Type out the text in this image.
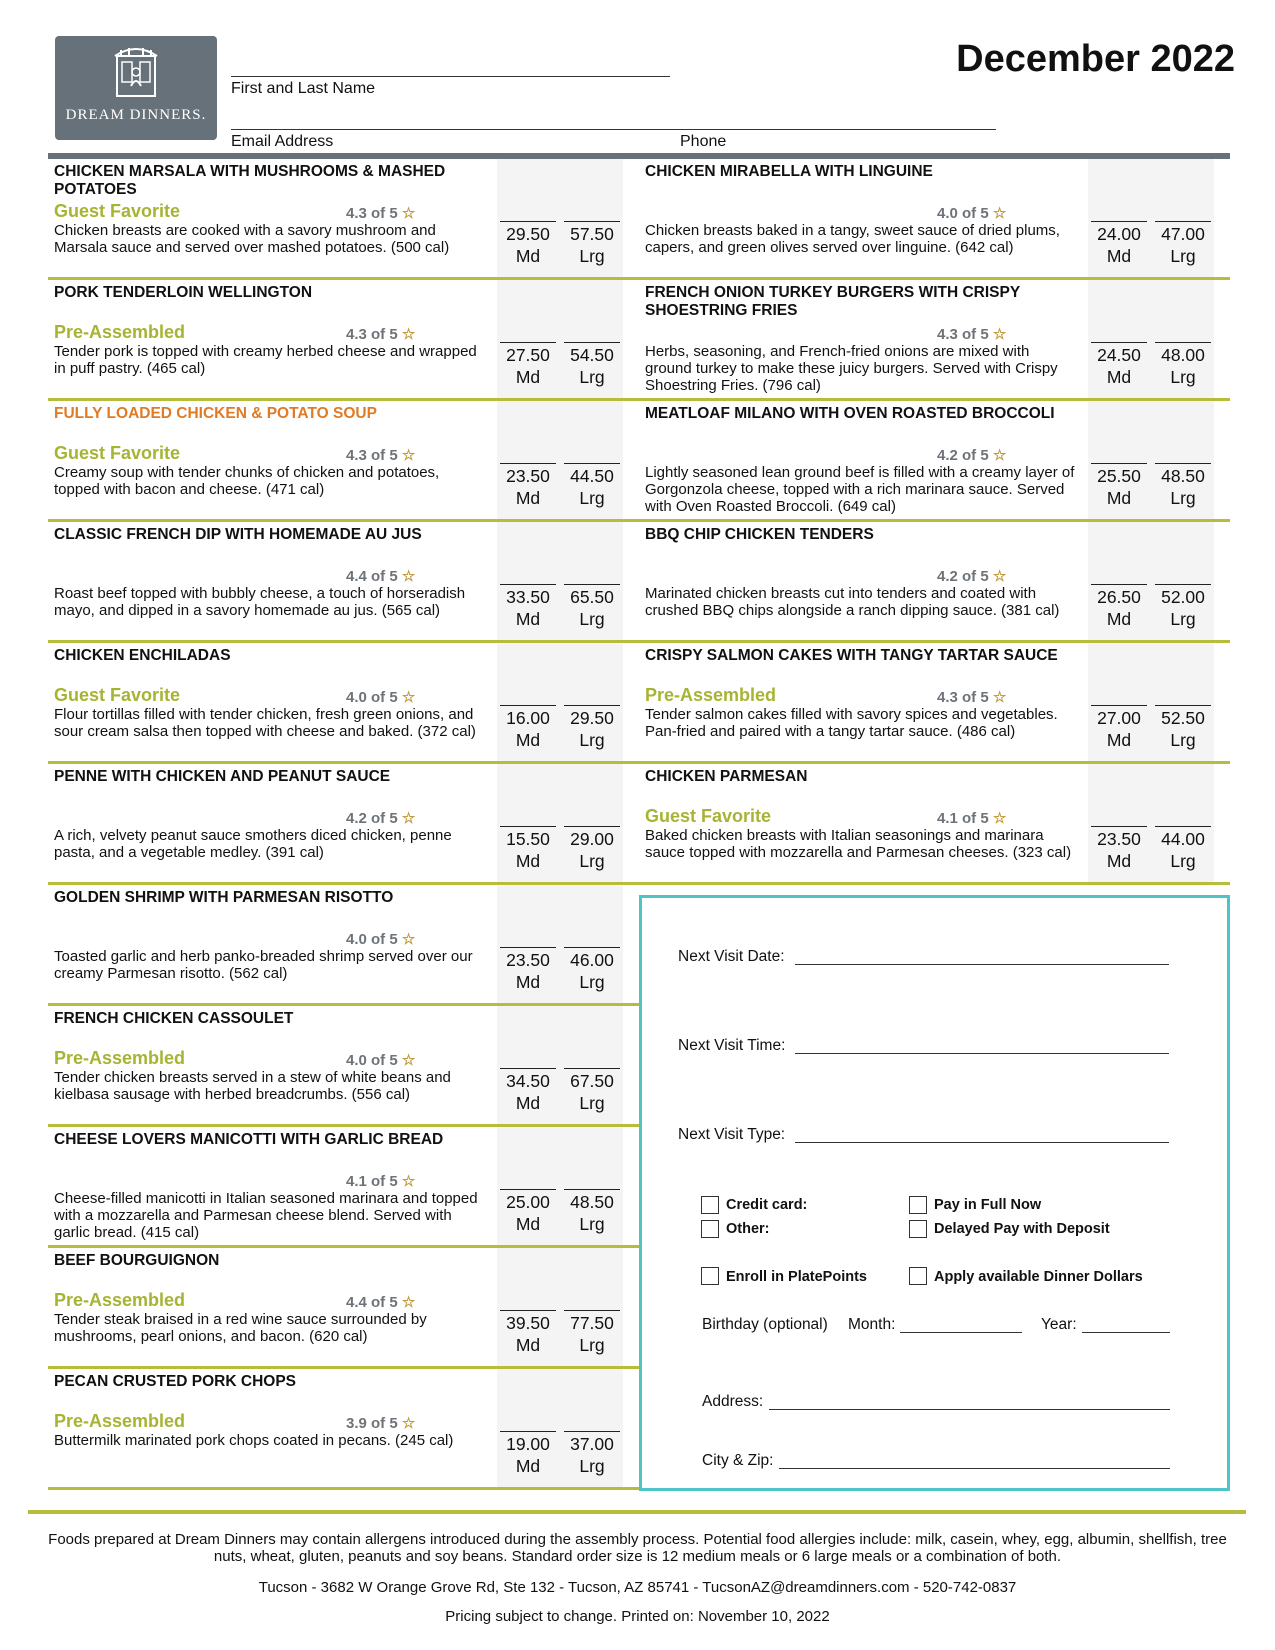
DREAM DINNERS.
First and Last Name
Email Address	Phone
December 2022
CHICKEN MARSALA WITH MUSHROOMS & MASHED POTATOES
Guest Favorite	4.3 of 5 ☆
Chicken breasts are cooked with a savory mushroom and Marsala sauce and served over mashed potatoes. (500 cal)
29.50
Md
57.50
Lrg
PORK TENDERLOIN WELLINGTON
Pre-Assembled	4.3 of 5 ☆
Tender pork is topped with creamy herbed cheese and wrapped in puff pastry. (465 cal)
27.50
Md
54.50
Lrg
FULLY LOADED CHICKEN & POTATO SOUP
Guest Favorite	4.3 of 5 ☆
Creamy soup with tender chunks of chicken and potatoes, topped with bacon and cheese. (471 cal)
23.50
Md
44.50
Lrg
CLASSIC FRENCH DIP WITH HOMEMADE AU JUS
4.4 of 5 ☆
Roast beef topped with bubbly cheese, a touch of horseradish mayo, and dipped in a savory homemade au jus. (565 cal)
33.50
Md
65.50
Lrg
CHICKEN ENCHILADAS
Guest Favorite	4.0 of 5 ☆
Flour tortillas filled with tender chicken, fresh green onions, and sour cream salsa then topped with cheese and baked. (372 cal)
16.00
Md
29.50
Lrg
PENNE WITH CHICKEN AND PEANUT SAUCE
4.2 of 5 ☆
A rich, velvety peanut sauce smothers diced chicken, penne pasta, and a vegetable medley. (391 cal)
15.50
Md
29.00
Lrg
GOLDEN SHRIMP WITH PARMESAN RISOTTO
4.0 of 5 ☆
Toasted garlic and herb panko-breaded shrimp served over our creamy Parmesan risotto. (562 cal)
23.50
Md
46.00
Lrg
FRENCH CHICKEN CASSOULET
Pre-Assembled	4.0 of 5 ☆
Tender chicken breasts served in a stew of white beans and kielbasa sausage with herbed breadcrumbs. (556 cal)
34.50
Md
67.50
Lrg
CHEESE LOVERS MANICOTTI WITH GARLIC BREAD
4.1 of 5 ☆
Cheese-filled manicotti in Italian seasoned marinara and topped with a mozzarella and Parmesan cheese blend. Served with garlic bread. (415 cal)
25.00
Md
48.50
Lrg
BEEF BOURGUIGNON
Pre-Assembled	4.4 of 5 ☆
Tender steak braised in a red wine sauce surrounded by mushrooms, pearl onions, and bacon. (620 cal)
39.50
Md
77.50
Lrg
PECAN CRUSTED PORK CHOPS
Pre-Assembled	3.9 of 5 ☆
Buttermilk marinated pork chops coated in pecans. (245 cal)	19.00
Md
37.00
Lrg
CHICKEN MIRABELLA WITH LINGUINE
4.0 of 5 ☆
Chicken breasts baked in a tangy, sweet sauce of dried plums, capers, and green olives served over linguine. (642 cal)
24.00
Md
47.00
Lrg
FRENCH ONION TURKEY BURGERS WITH CRISPY SHOESTRING FRIES
4.3 of 5 ☆
Herbs, seasoning, and French-fried onions are mixed with ground turkey to make these juicy burgers. Served with Crispy Shoestring Fries. (796 cal)
24.50
Md
48.00
Lrg
MEATLOAF MILANO WITH OVEN ROASTED BROCCOLI
4.2 of 5 ☆
Lightly seasoned lean ground beef is filled with a creamy layer of Gorgonzola cheese, topped with a rich marinara sauce. Served with Oven Roasted Broccoli. (649 cal)
25.50
Md
48.50
Lrg
BBQ CHIP CHICKEN TENDERS
4.2 of 5 ☆
Marinated chicken breasts cut into tenders and coated with crushed BBQ chips alongside a ranch dipping sauce. (381 cal)
26.50
Md
52.00
Lrg
CRISPY SALMON CAKES WITH TANGY TARTAR SAUCE
Pre-Assembled	4.3 of 5 ☆
Tender salmon cakes filled with savory spices and vegetables. Pan-fried and paired with a tangy tartar sauce. (486 cal)
27.00
Md
52.50
Lrg
CHICKEN PARMESAN
Guest Favorite	4.1 of 5 ☆
Baked chicken breasts with Italian seasonings and marinara sauce topped with mozzarella and Parmesan cheeses. (323 cal)
23.50
Md
44.00
Lrg
Next Visit Date:
Next Visit Time:
Next Visit Type:
Credit card:	Pay in Full Now
Other:	Delayed Pay with Deposit
Enroll in PlatePoints	Apply available Dinner Dollars
Birthday (optional) Month:	Year:
Address:
City & Zip:
Foods prepared at Dream Dinners may contain allergens introduced during the assembly process. Potential food allergies include: milk, casein, whey, egg, albumin, shellfish, tree nuts, wheat, gluten, peanuts and soy beans. Standard order size is 12 medium meals or 6 large meals or a combination of both.
Tucson - 3682 W Orange Grove Rd, Ste 132 - Tucson, AZ 85741 - TucsonAZ@dreamdinners.com - 520-742-0837
Pricing subject to change. Printed on: November 10, 2022
